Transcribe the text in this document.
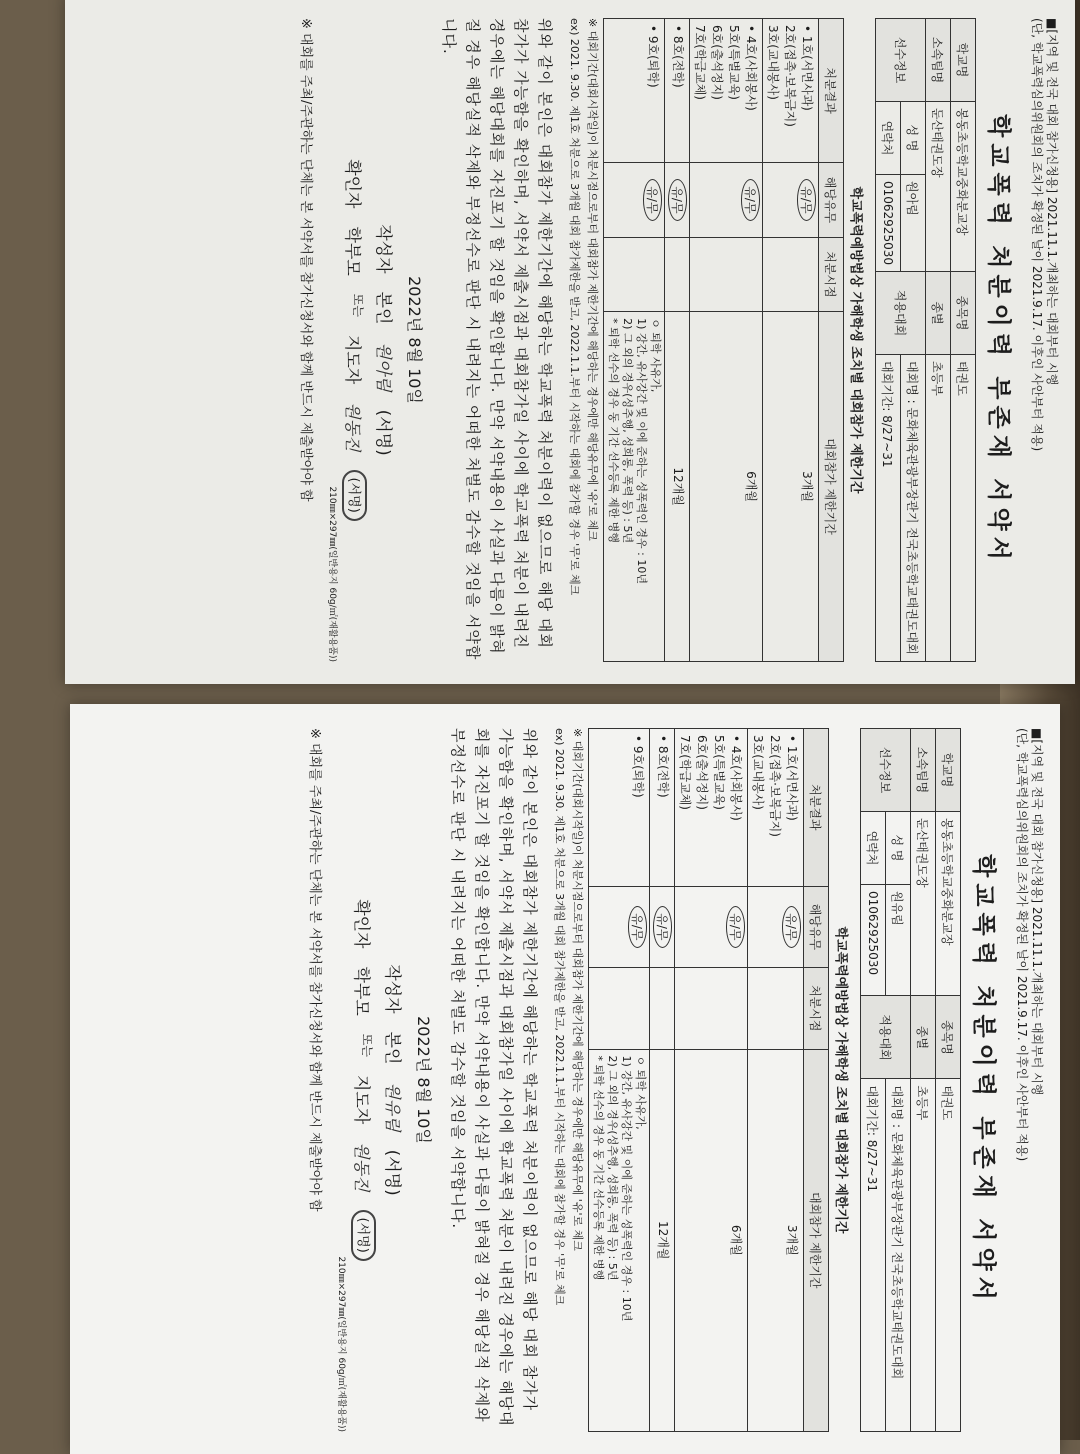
■[지역 및 전국 대회 참가신청용] 2021.11.1.개최하는 대회부터 시행
(단, 학교폭력심의위원회의 조치가 확정된 날이 2021.9.17. 이후인 사안부터 적용)
학교폭력 처분이력 부존재 서약서
학교명	봉동초등학교중화분교장		종목명	태권도
소속팀명	둔산태권도장		종별	초등부
선수정보	성 명	원아림	적용대회	대회명 : 문화체육관광부장관기 전국초등학교태권도대회
	연락처	01062925030		대회기간: 8/27~31
학교폭력예방법상 가해학생 조치별 대회참가 제한기간
처분결과	해당유무	처분시점	대회참가 제한기간
• 1호(서면사과)
2호(접촉·보복금지)
3호(교내봉사)	유/무		3개월
• 4호(사회봉사)
5호(특별교육)
6호(출석정지)
7호(학급교체)	유/무		6개월
• 8호(전학)	유/무		12개월
• 9호(퇴학)	유/무		ㅇ 퇴학 사유가,
1) 강간, 유사강간 및 이에 준하는 성폭력인 경우 : 10년
2) 그 외의 경우(성추행, 성희롱, 폭력 등) : 5년
* 퇴학 선수의 경우 동 기간 선수등록 제한 병행
※ 대회기간(대회시작일)이 처분시점으로부터 대회참가 제한기간에 해당하는 경우에만 해당유무에 '유'로 체크
ex) 2021. 9.30. 제1호 처분으로 3개월 대회 참가제한을 받고, 2022.1.1.부터 시작하는 대회에 참가할 경우 '무'로 체크
위와 같이 본인은 대회참가 제한기간에 해당하는 학교폭력 처분이력이 없으므로 해당 대회 참가가 가능함을 확인하며, 서약서 제출시점과 대회참가일 사이에 학교폭력 처분이 내려진 경우에는 해당대회를 자진포기 할 것임을 확인합니다. 만약 서약내용이 사실과 다름이 밝혀질 경우 해당실적 삭제와 부정선수로 판단 시 내려지는 어떠한 처벌도 감수할 것임을 서약합니다.
2022년 8월 10일
작성자
본인
원아림
(서명)
확인자
학부모
또는
지도자
원동진
(서명)
210㎜×297㎜(일반용지 60g/㎡(재활용품))
※ 대회를 주최/주관하는 단체는 본 서약서를 참가신청서와 함께 반드시 제출받아야 함
■[지역 및 전국 대회 참가신청용] 2021.11.1.개최하는 대회부터 시행
(단, 학교폭력심의위원회의 조치가 확정된 날이 2021.9.17. 이후인 사안부터 적용)
학교폭력 처분이력 부존재 서약서
학교명	봉동초등학교중화분교장		종목명	태권도
소속팀명	둔산태권도장		종별	초등부
선수정보	성 명	원유림	적용대회	대회명 : 문화체육관광부장관기 전국초등학교태권도대회
	연락처	01062925030		대회기간: 8/27~31
학교폭력예방법상 가해학생 조치별 대회참가 제한기간
처분결과	해당유무	처분시점	대회참가 제한기간
• 1호(서면사과)
2호(접촉·보복금지)
3호(교내봉사)	유/무		3개월
• 4호(사회봉사)
5호(특별교육)
6호(출석정지)
7호(학급교체)	유/무		6개월
• 8호(전학)	유/무		12개월
• 9호(퇴학)	유/무		ㅇ 퇴학 사유가,
1) 강간, 유사강간 및 이에 준하는 성폭력인 경우 : 10년
2) 그 외의 경우(성추행, 성희롱, 폭력 등) : 5년
* 퇴학 선수의 경우 동 기간 선수등록 제한 병행
※ 대회기간(대회시작일)이 처분시점으로부터 대회참가 제한기간에 해당하는 경우에만 해당유무에 '유'로 체크
ex) 2021. 9.30. 제1호 처분으로 3개월 대회 참가제한을 받고, 2022.1.1.부터 시작하는 대회에 참가할 경우 '무'로 체크
위와 같이 본인은 대회참가 제한기간에 해당하는 학교폭력 처분이력이 없으므로 해당 대회 참가가 가능함을 확인하며, 서약서 제출시점과 대회참가일 사이에 학교폭력 처분이 내려진 경우에는 해당대회를 자진포기 할 것임을 확인합니다. 만약 서약내용이 사실과 다름이 밝혀질 경우 해당실적 삭제와 부정선수로 판단 시 내려지는 어떠한 처벌도 감수할 것임을 서약합니다.
2022년 8월 10일
작성자
본인
원유림
(서명)
확인자
학부모
또는
지도자
원동진
(서명)
210㎜×297㎜(일반용지 60g/㎡(재활용품))
※ 대회를 주최/주관하는 단체는 본 서약서를 참가신청서와 함께 반드시 제출받아야 함
